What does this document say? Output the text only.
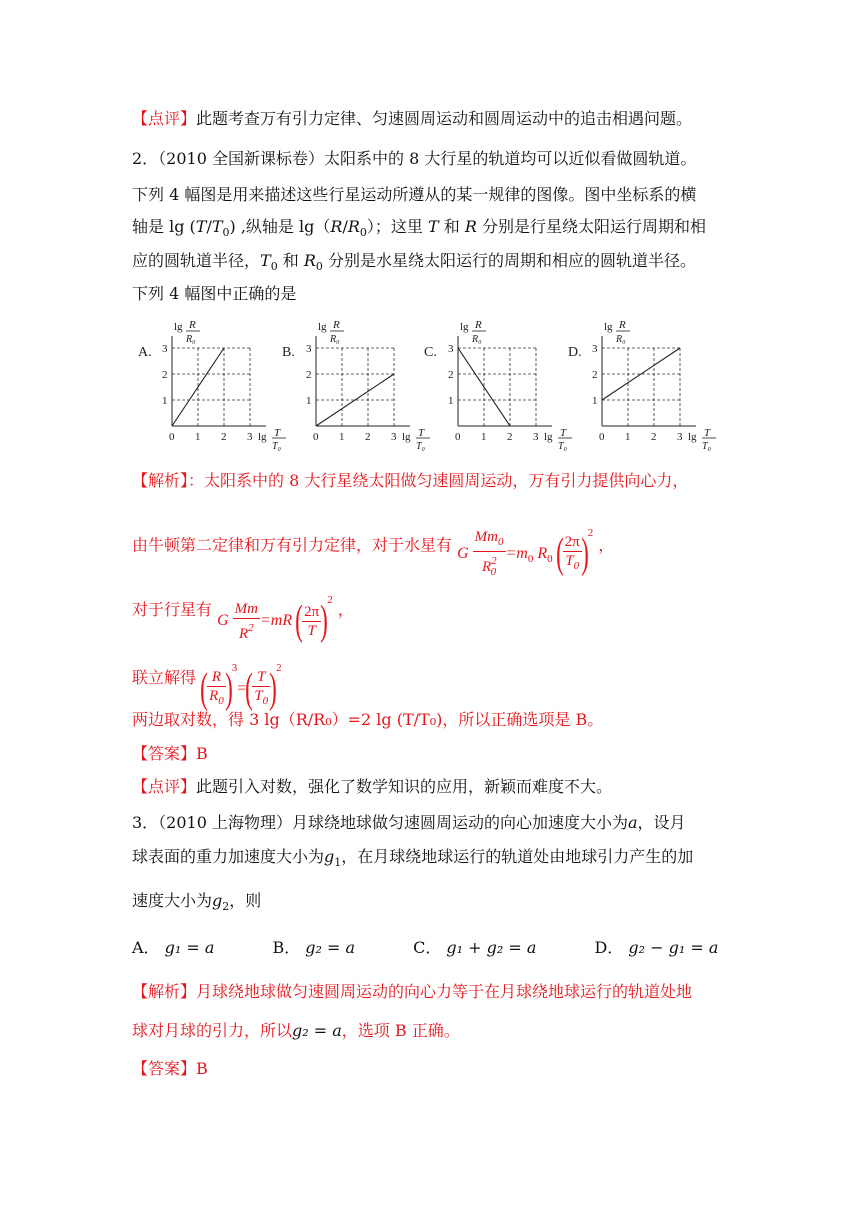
【点评】此题考查万有引力定律、匀速圆周运动和圆周运动中的追击相遇问题。
2．（2010 全国新课标卷）太阳系中的 8 大行星的轨道均可以近似看做圆轨道。
下列 4 幅图是用来描述这些行星运动所遵从的某一规律的图像。图中坐标系的横
轴是 $\lg (T/T_0)$ ,纵轴是 $\lg(R/R_0)$；这里 T 和 R 分别是行星绕太阳运行周期和相
应的圆轨道半径，$T_0$ 和 $R_0$ 分别是水星绕太阳运行的周期和相应的圆轨道半径。
下列 4 幅图中正确的是
A.
lg R
R₀
0 1 2 3
1
2
3
lg T
T₀
B.
lg R
R₀
0 1 2 3
1
2
3
lg T
T₀
C.
lg R
R₀
0 1 2 3
1
2
3
lg T
T₀
D.
lg R
R₀
0 1 2 3
1
2
3
lg T
T₀
【解析】：太阳系中的 8 大行星绕太阳做匀速圆周运动，万有引力提供向心力，
由牛顿第二定律和万有引力定律，对于水星有 G $\frac{Mm_0}{R^2_0} =m_0$ $R_0$ ( $\frac{2\pi}{T_0} )^2$ ，
对于行星有 G $\frac{Mm}{R^2} =mR$ ( $\frac{2\pi}{T} )^2$ ，
联立解得 ( $\frac{R}{R_0} )^3=( \frac{T}{T_0} )^2$
两边取对数，得 3 lg（R/R₀）=2 lg (T/T₀)，所以正确选项是 B。
【答案】B
【点评】此题引入对数，强化了数学知识的应用，新颖而难度不大。
3．（2010 上海物理）月球绕地球做匀速圆周运动的向心加速度大小为a，设月
球表面的重力加速度大小为$g_1$，在月球绕地球运行的轨道处由地球引力产生的加
速度大小为$g_2$，则
A． g₁ = a	B． g₂ = a	C． g₁ + g₂ = a	D． g₂ − g₁ = a
【解析】月球绕地球做匀速圆周运动的向心力等于在月球绕地球运行的轨道处地
球对月球的引力，所以g₂ = a，选项 B 正确。
【答案】B
